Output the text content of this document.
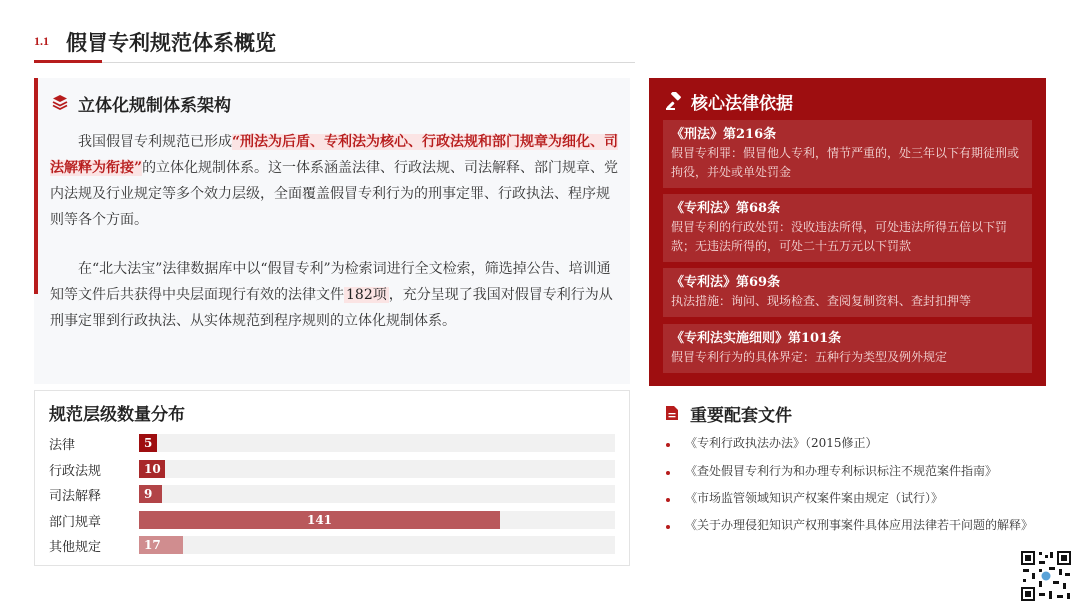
1.1 假冒专利规范体系概览
立体化规制体系架构

我国假冒专利规范已形成“刑法为后盾、专利法为核心、行政法规和部门规章为细化、司法解释为衔接”的立体化规制体系。这一体系涵盖法律、行政法规、司法解释、部门规章、党内法规及行业规定等多个效力层级，全面覆盖假冒专利行为的刑事定罪、行政执法、程序规则等各个方面。

在“北大法宝”法律数据库中以“假冒专利”为检索词进行全文检索，筛选掉公告、培训通知等文件后共获得中央层面现行有效的法律文件 182项 ，充分呈现了我国对假冒专利行为从刑事定罪到行政执法、从实体规范到程序规则的立体化规制体系。

规范层级数量分布
法律	5
行政法规	10
司法解释	9
部门规章	141
其他规定	17
核心法律依据
《刑法》第216条
假冒专利罪：假冒他人专利，情节严重的，处三年以下有期徒刑或拘役，并处或单处罚金
《专利法》第68条
假冒专利的行政处罚：没收违法所得，可处违法所得五倍以下罚款；无违法所得的，可处二十五万元以下罚款
《专利法》第69条
执法措施：询问、现场检查、查阅复制资料、查封扣押等
《专利法实施细则》第101条
假冒专利行为的具体界定：五种行为类型及例外规定
重要配套文件
《专利行政执法办法》（2015修正）
《查处假冒专利行为和办理专利标识标注不规范案件指南》
《市场监管领域知识产权案件案由规定（试行）》
《关于办理侵犯知识产权刑事案件具体应用法律若干问题的解释》
